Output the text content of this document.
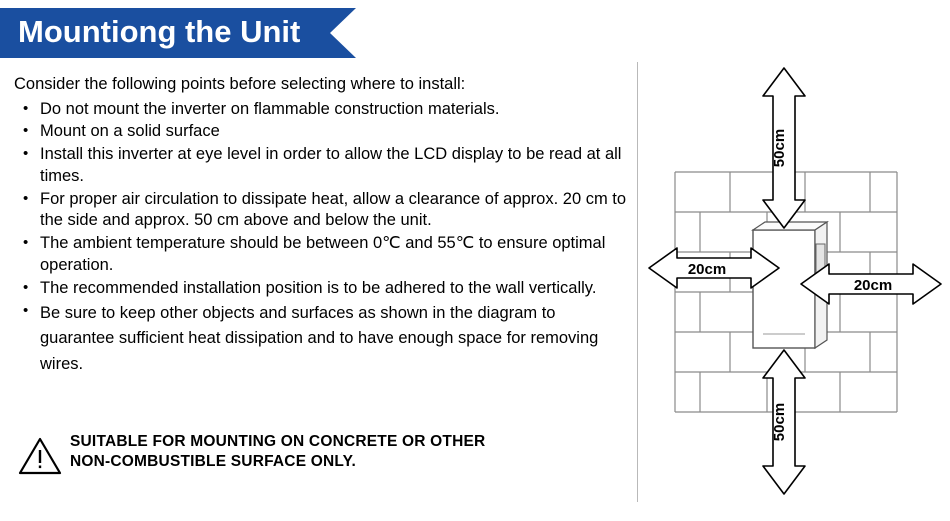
Mountiong the Unit
Consider the following points before selecting where to install:
• Do not mount the inverter on flammable construction materials.
• Mount on a solid surface
• Install this inverter at eye level in order to allow the LCD display to be read at all times.
• For proper air circulation to dissipate heat, allow a clearance of approx. 20 cm to the side and approx. 50 cm above and below the unit.
• The ambient temperature should be between 0℃ and 55℃ to ensure optimal operation.
• The recommended installation position is to be adhered to the wall vertically.
• Be sure to keep other objects and surfaces as shown in the diagram to guarantee sufficient heat dissipation and to have enough space for removing wires.
SUITABLE FOR MOUNTING ON CONCRETE OR OTHER
NON-COMBUSTIBLE SURFACE ONLY.
50cm
50cm
20cm
20cm
